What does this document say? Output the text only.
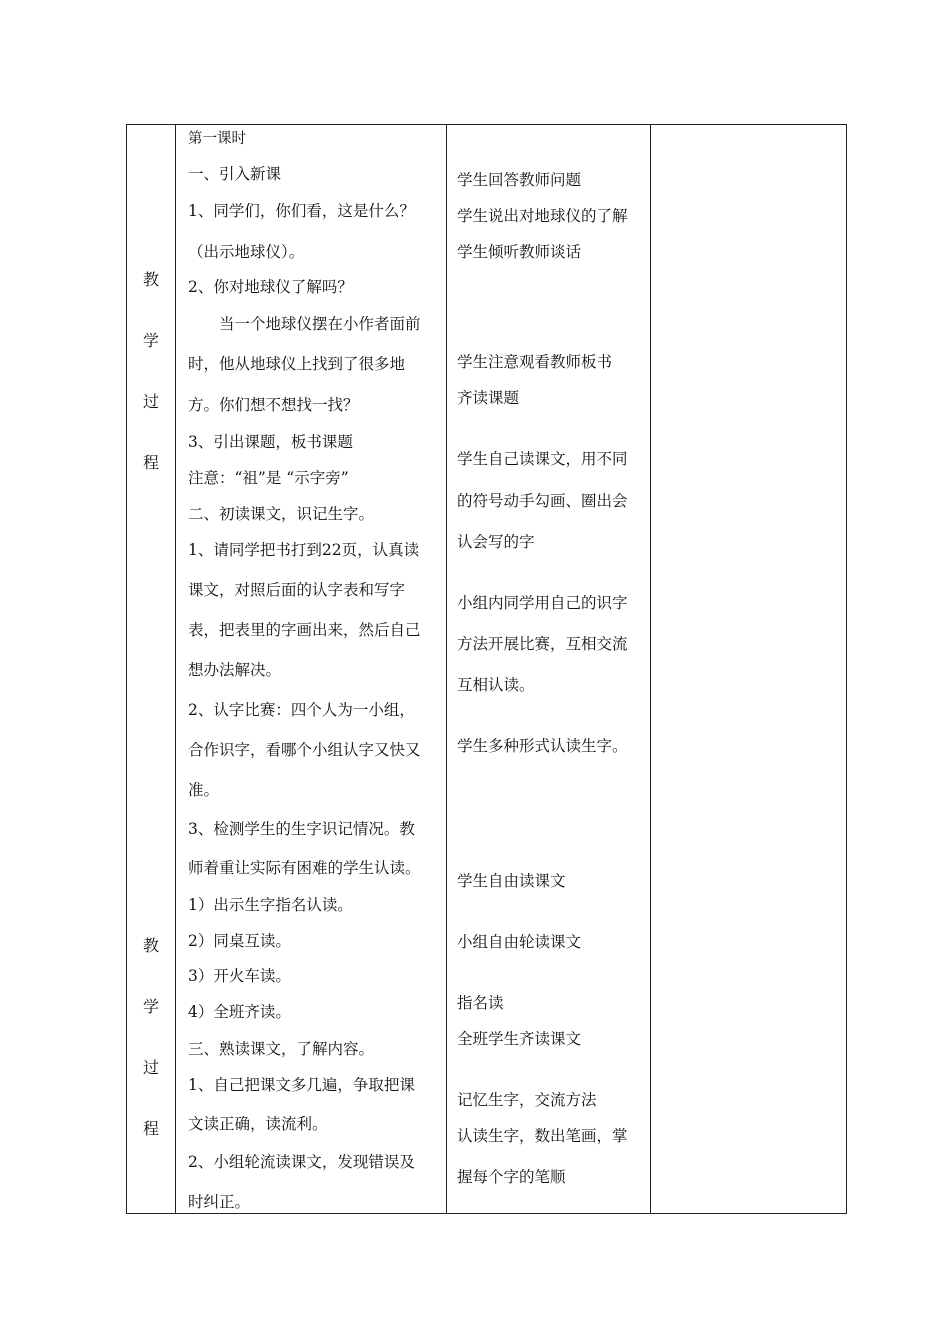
教
学
过
程
教
学
过
程
第一课时
一、引入新课
1、同学们，你们看，这是什么？
（出示地球仪）。
2、你对地球仪了解吗？
　　当一个地球仪摆在小作者面前
时，他从地球仪上找到了很多地
方。你们想不想找一找？
3、引出课题，板书课题
注意：“祖”是 “示字旁”
二、初读课文，识记生字。
1、请同学把书打到22页，认真读
课文，对照后面的认字表和写字
表，把表里的字画出来，然后自己
想办法解决。
2、认字比赛：四个人为一小组，
合作识字，看哪个小组认字又快又
准。
3、检测学生的生字识记情况。教
师着重让实际有困难的学生认读。
1）出示生字指名认读。
2）同桌互读。
3）开火车读。
4）全班齐读。
三、熟读课文，了解内容。
1、自己把课文多几遍，争取把课
文读正确，读流利。
2、小组轮流读课文，发现错误及
时纠正。
学生回答教师问题
学生说出对地球仪的了解
学生倾听教师谈话
学生注意观看教师板书
齐读课题
学生自己读课文，用不同
的符号动手勾画、圈出会
认会写的字
小组内同学用自己的识字
方法开展比赛，互相交流
互相认读。
学生多种形式认读生字。
学生自由读课文
小组自由轮读课文
指名读
全班学生齐读课文
记忆生字，交流方法
认读生字，数出笔画，掌
握每个字的笔顺
